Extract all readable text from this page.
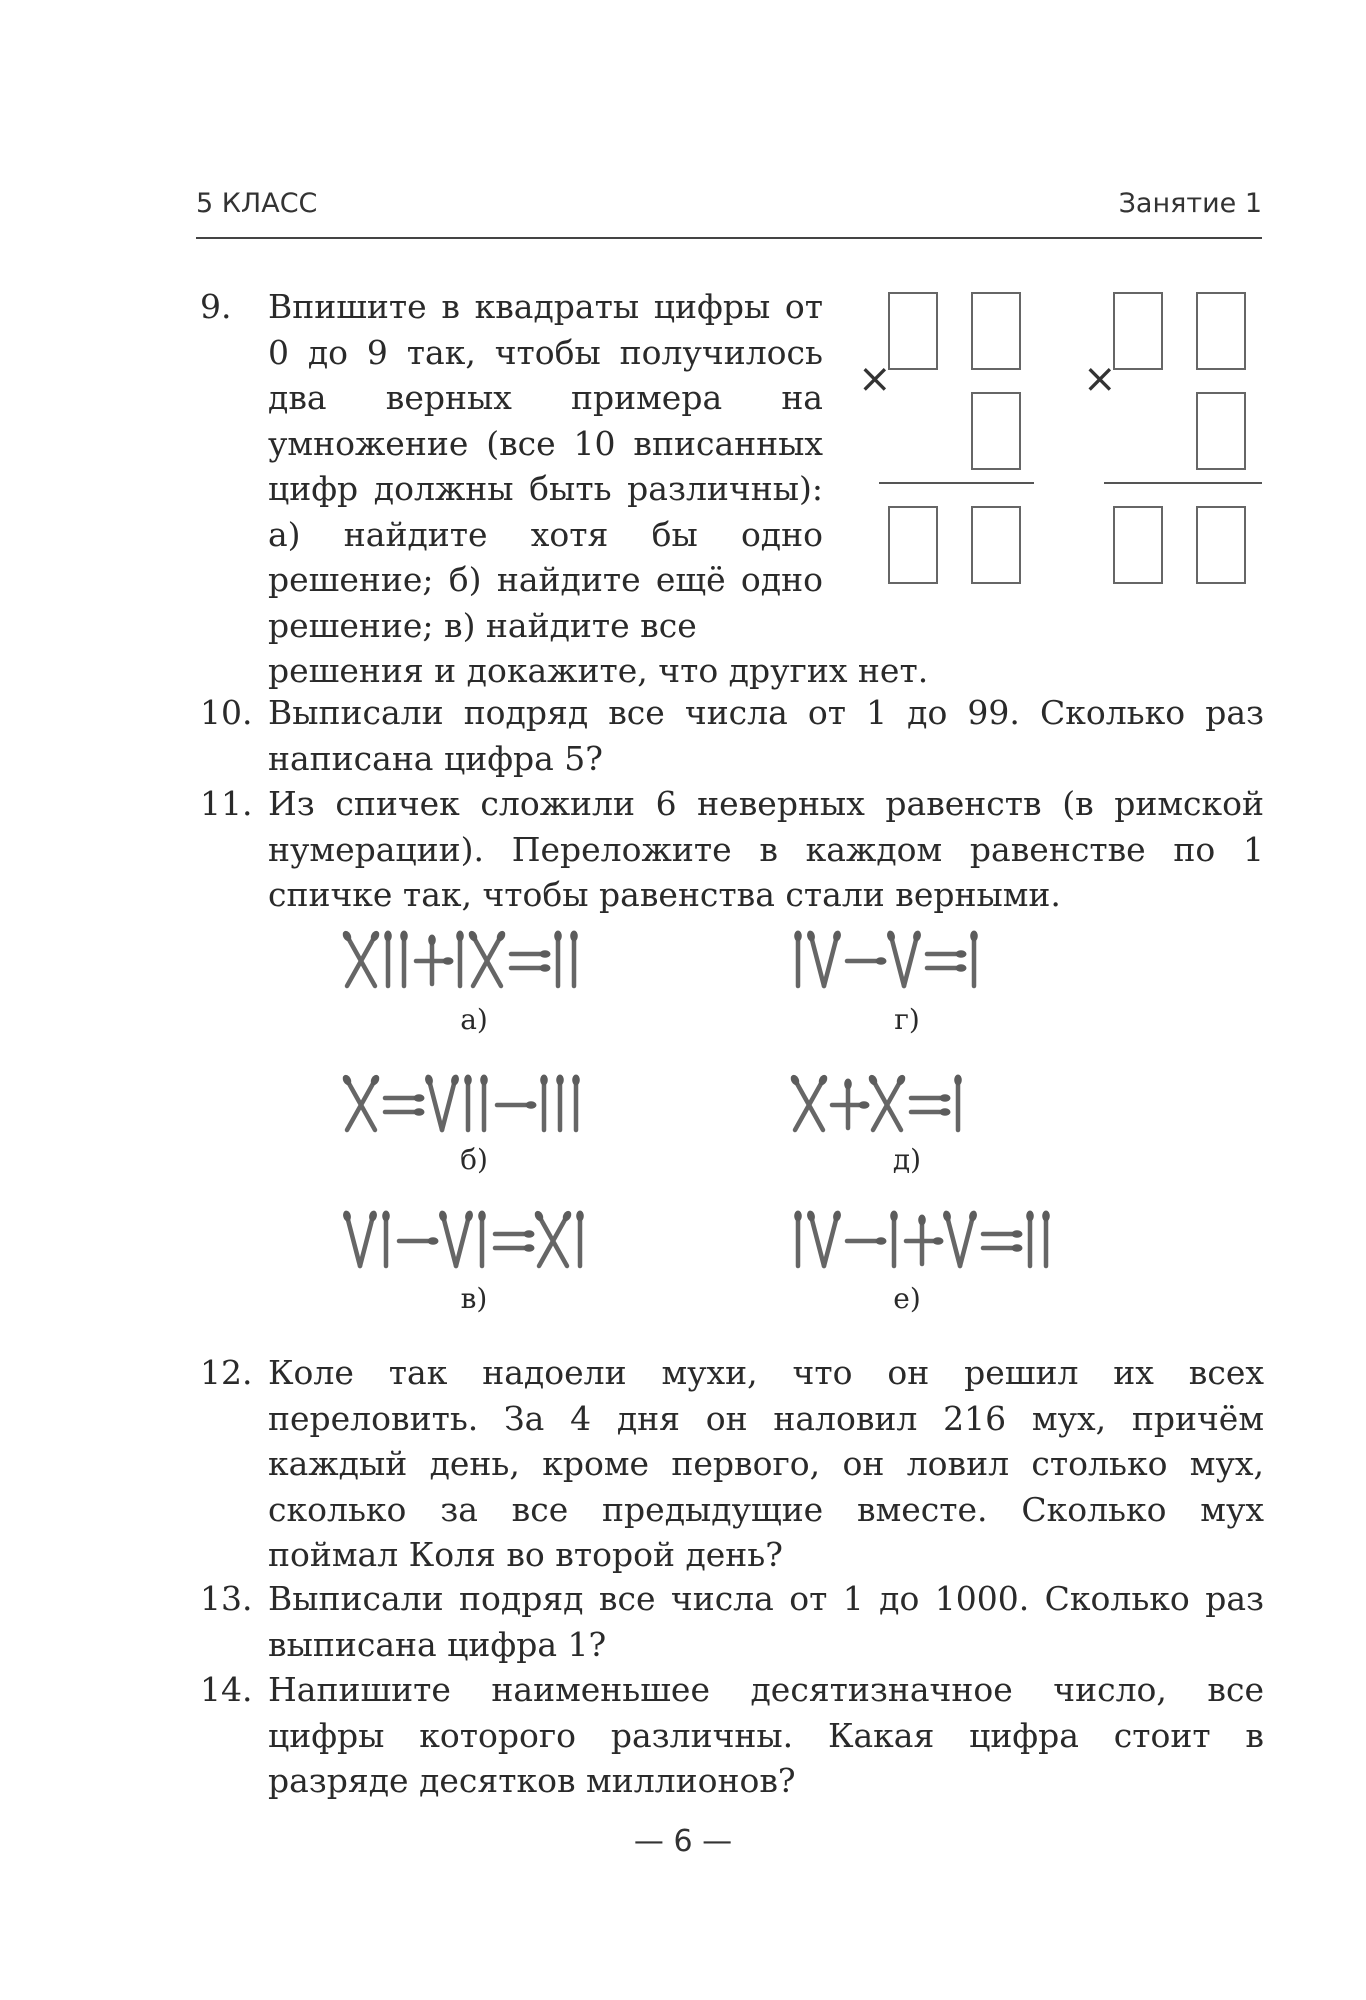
5 КЛАСС	Занятие 1
9. Впишите в квадраты цифры от 0 до 9 так, чтобы получилось два верных примера на умножение (все 10 вписанных цифр должны быть различны): а) найдите хотя бы одно решение; б) найдите ещё одно решение; в) найдите все
решения и докажите, что других нет.
×	×
10. Выписали подряд все числа от 1 до 99. Сколько раз написана цифра 5?
11. Из спичек сложили 6 неверных равенств (в римской нумерации). Переложите в каждом равенстве по 1 спичке так, чтобы равенства стали верными.
а)	г)
б)	д)
в)	е)
12. Коле так надоели мухи, что он решил их всех переловить. За 4 дня он наловил 216 мух, причём каждый день, кроме первого, он ловил столько мух, сколько за все предыдущие вместе. Сколько мух поймал Коля во второй день?
13. Выписали подряд все числа от 1 до 1000. Сколько раз выписана цифра 1?
14. Напишите наименьшее десятизначное число, все цифры которого различны. Какая цифра стоит в разряде десятков миллионов?
— 6 —
